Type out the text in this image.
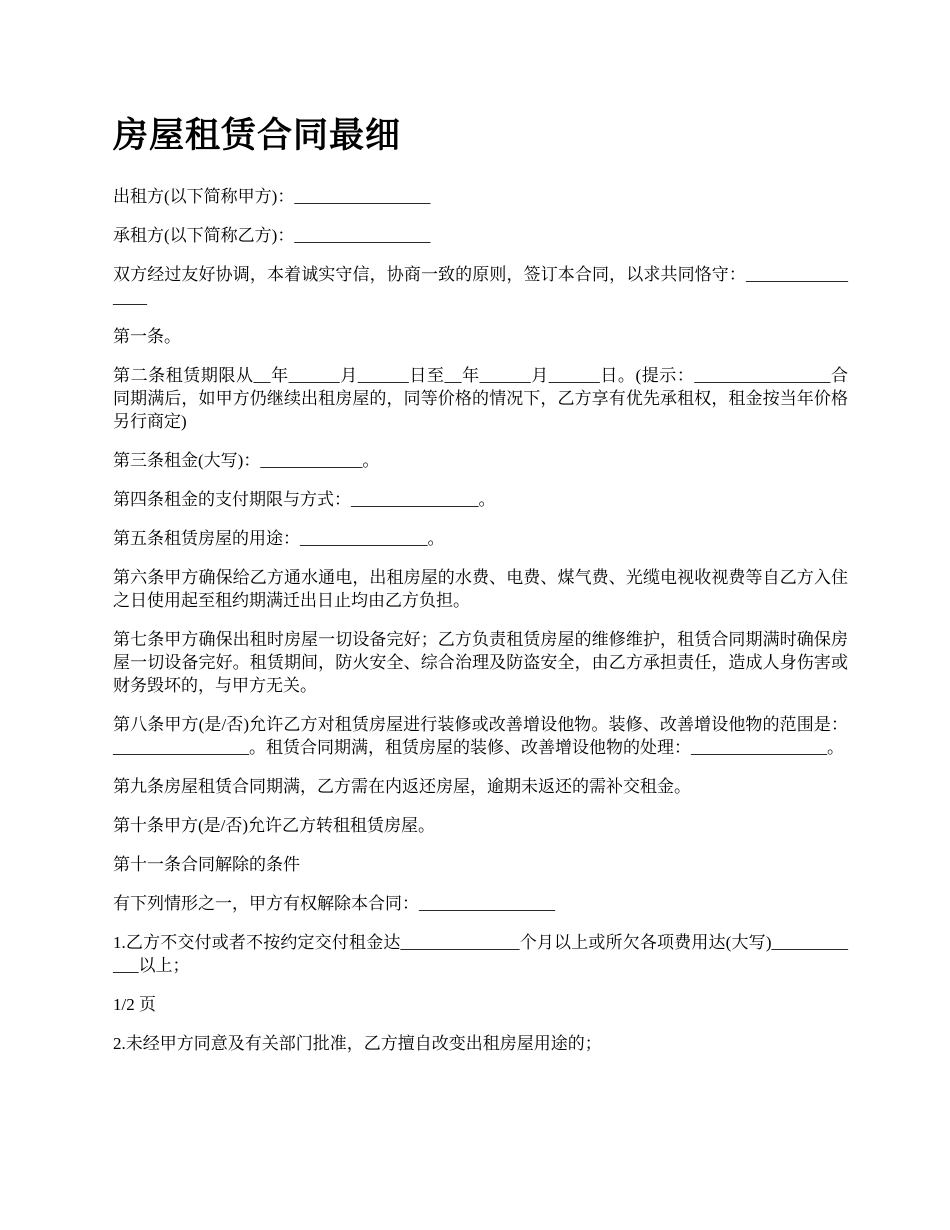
房屋租赁合同最细

出租方(以下简称甲方)：________________

承租方(以下简称乙方)：________________

双方经过友好协调，本着诚实守信，协商一致的原则，签订本合同，以求共同恪守：________________

第一条。

第二条租赁期限从__年______月______日至__年______月______日。(提示：________________合同期满后，如甲方仍继续出租房屋的，同等价格的情况下，乙方享有优先承租权，租金按当年价格另行商定)

第三条租金(大写)：____________。

第四条租金的支付期限与方式：_______________。

第五条租赁房屋的用途：_______________。

第六条甲方确保给乙方通水通电，出租房屋的水费、电费、煤气费、光缆电视收视费等自乙方入住之日使用起至租约期满迁出日止均由乙方负担。

第七条甲方确保出租时房屋一切设备完好；乙方负责租赁房屋的维修维护，租赁合同期满时确保房屋一切设备完好。租赁期间，防火安全、综合治理及防盗安全，由乙方承担责任，造成人身伤害或财务毁坏的，与甲方无关。

第八条甲方(是/否)允许乙方对租赁房屋进行装修或改善增设他物。装修、改善增设他物的范围是：________________。租赁合同期满，租赁房屋的装修、改善增设他物的处理：________________。

第九条房屋租赁合同期满，乙方需在内返还房屋，逾期未返还的需补交租金。

第十条甲方(是/否)允许乙方转租租赁房屋。

第十一条合同解除的条件

有下列情形之一，甲方有权解除本合同：________________

1.乙方不交付或者不按约定交付租金达______________个月以上或所欠各项费用达(大写)____________以上；

1/2 页

2.未经甲方同意及有关部门批准，乙方擅自改变出租房屋用途的；
